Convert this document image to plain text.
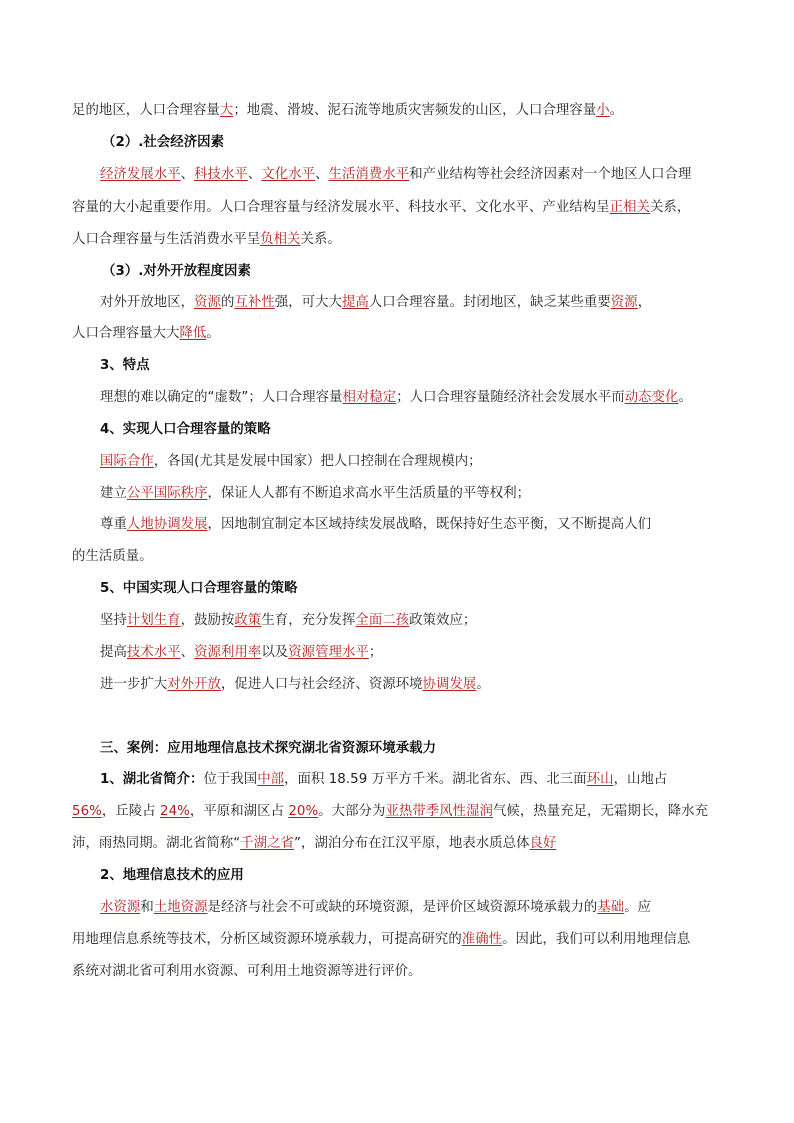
足的地区，人口合理容量大；地震、滑坡、泥石流等地质灾害频发的山区，人口合理容量小。
（2）.社会经济因素
经济发展水平、科技水平、文化水平、生活消费水平和产业结构等社会经济因素对一个地区人口合理
容量的大小起重要作用。人口合理容量与经济发展水平、科技水平、文化水平、产业结构呈正相关关系，
人口合理容量与生活消费水平呈负相关关系。
（3）.对外开放程度因素
对外开放地区，资源的互补性强，可大大提高人口合理容量。封闭地区，缺乏某些重要资源，
人口合理容量大大降低。
3、特点
理想的难以确定的“虚数”；人口合理容量相对稳定；人口合理容量随经济社会发展水平而动态变化。
4、实现人口合理容量的策略
国际合作，各国(尤其是发展中国家）把人口控制在合理规模内；
建立公平国际秩序，保证人人都有不断追求高水平生活质量的平等权利；
尊重人地协调发展，因地制宜制定本区域持续发展战略，既保持好生态平衡，又不断提高人们
的生活质量。
5、中国实现人口合理容量的策略
坚持计划生育，鼓励按政策生育，充分发挥全面二孩政策效应；
提高技术水平、资源利用率以及资源管理水平；
进一步扩大对外开放，促进人口与社会经济、资源环境协调发展。
三、案例：应用地理信息技术探究湖北省资源环境承载力
1、湖北省简介：位于我国中部，面积 18.59 万平方千米。湖北省东、西、北三面环山，山地占
56%，丘陵占 24%，平原和湖区占 20%。大部分为亚热带季风性湿润气候，热量充足，无霜期长，降水充
沛，雨热同期。湖北省简称“千湖之省”，湖泊分布在江汉平原，地表水质总体良好
2、地理信息技术的应用
水资源和土地资源是经济与社会不可或缺的环境资源，是评价区域资源环境承载力的基础。应
用地理信息系统等技术，分析区域资源环境承载力，可提高研究的准确性。因此，我们可以利用地理信息
系统对湖北省可利用水资源、可利用土地资源等进行评价。
